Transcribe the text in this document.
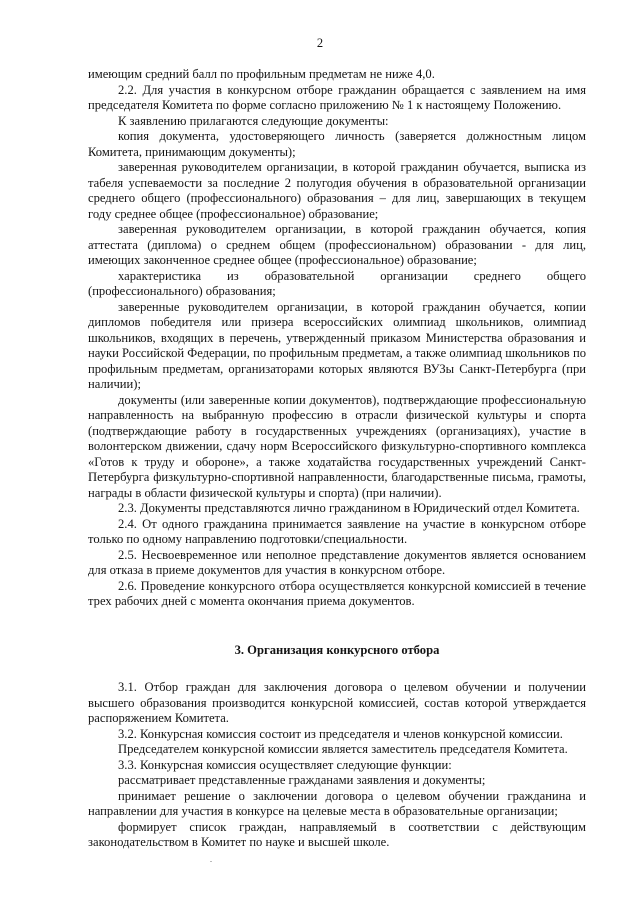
2

имеющим средний балл по профильным предметам не ниже 4,0.

2.2. Для участия в конкурсном отборе гражданин обращается с заявлением на имя председателя Комитета по форме согласно приложению № 1 к настоящему Положению.

К заявлению прилагаются следующие документы:

копия документа, удостоверяющего личность (заверяется должностным лицом Комитета, принимающим документы);

заверенная руководителем организации, в которой гражданин обучается, выписка из табеля успеваемости за последние 2 полугодия обучения в образовательной организации среднего общего (профессионального) образования – для лиц, завершающих в текущем году среднее общее (профессиональное) образование;

заверенная руководителем организации, в которой гражданин обучается, копия аттестата (диплома) о среднем общем (профессиональном) образовании - для лиц, имеющих законченное среднее общее (профессиональное) образование;

характеристика из образовательной организации среднего общего (профессионального) образования;

заверенные руководителем организации, в которой гражданин обучается, копии дипломов победителя или призера всероссийских олимпиад школьников, олимпиад школьников, входящих в перечень, утвержденный приказом Министерства образования и науки Российской Федерации, по профильным предметам, а также олимпиад школьников по профильным предметам, организаторами которых являются ВУЗы Санкт-Петербурга (при наличии);

документы (или заверенные копии документов), подтверждающие профессиональную направленность на выбранную профессию в отрасли физической культуры и спорта (подтверждающие работу в государственных учреждениях (организациях), участие в волонтерском движении, сдачу норм Всероссийского физкультурно-спортивного комплекса «Готов к труду и обороне», а также ходатайства государственных учреждений Санкт-Петербурга физкультурно-спортивной направленности, благодарственные письма, грамоты, награды в области физической культуры и спорта) (при наличии).

2.3. Документы представляются лично гражданином в Юридический отдел Комитета.

2.4. От одного гражданина принимается заявление на участие в конкурсном отборе только по одному направлению подготовки/специальности.

2.5. Несвоевременное или неполное представление документов является основанием для отказа в приеме документов для участия в конкурсном отборе.

2.6. Проведение конкурсного отбора осуществляется конкурсной комиссией в течение трех рабочих дней с момента окончания приема документов.

3. Организация конкурсного отбора

3.1. Отбор граждан для заключения договора о целевом обучении и получении высшего образования производится конкурсной комиссией, состав которой утверждается распоряжением Комитета.

3.2. Конкурсная комиссия состоит из председателя и членов конкурсной комиссии.

Председателем конкурсной комиссии является заместитель председателя Комитета.

3.3. Конкурсная комиссия осуществляет следующие функции:

рассматривает представленные гражданами заявления и документы;

принимает решение о заключении договора о целевом обучении гражданина и направлении для участия в конкурсе на целевые места в образовательные организации;

формирует список граждан, направляемый в соответствии с действующим законодательством в Комитет по науке и высшей школе.
